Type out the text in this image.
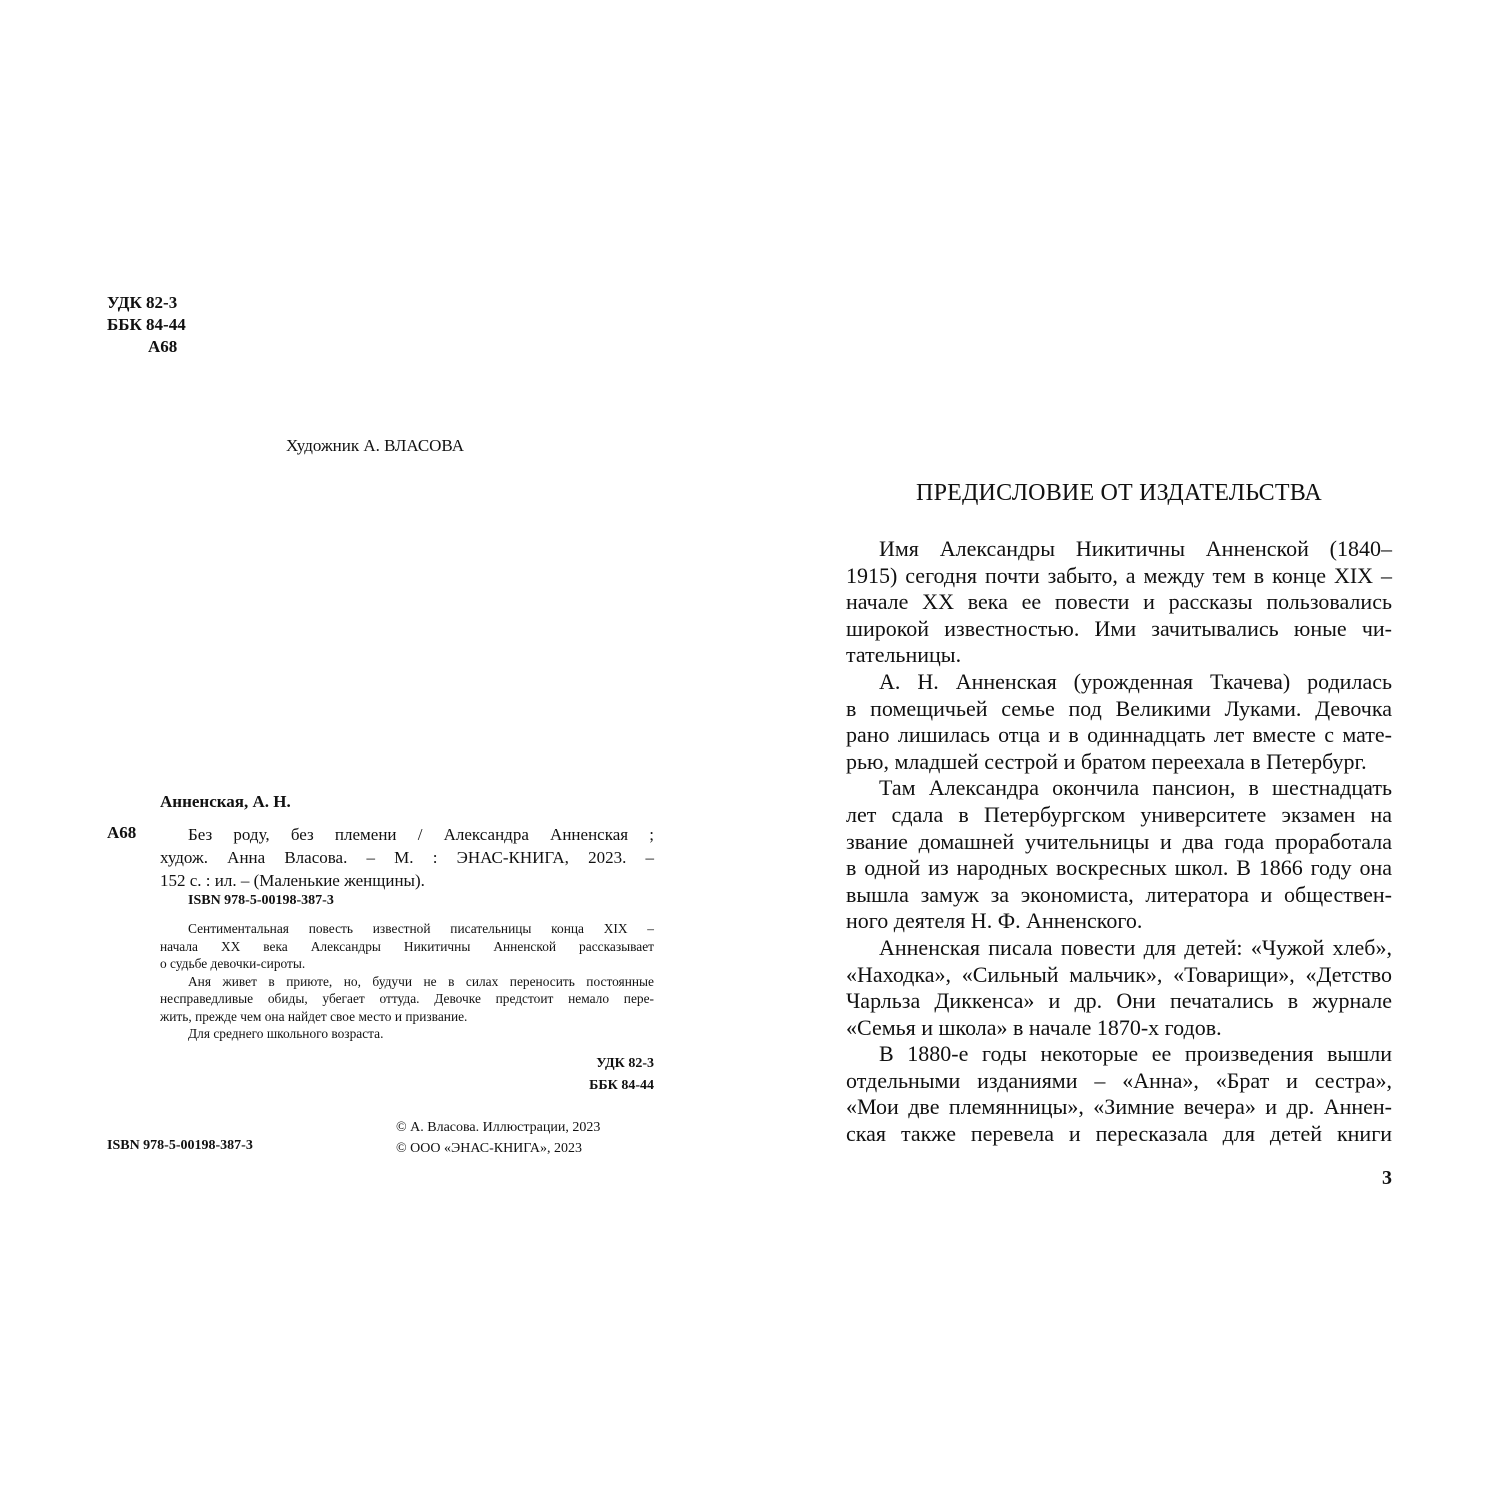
УДК 82-3
ББК 84-44
А68
Художник А. ВЛАСОВА
Анненская, А. Н.
А68	Без роду, без племени / Александра Анненская ;
худож. Анна Власова. – М. : ЭНАС-КНИГА, 2023. –
152 с. : ил. – (Маленькие женщины).
ISBN 978-5-00198-387-3
Сентиментальная повесть известной писательницы конца XIX –
начала XX века Александры Никитичны Анненской рассказывает
о судьбе девочки-сироты.
Аня живет в приюте, но, будучи не в силах переносить постоянные
несправедливые обиды, убегает оттуда. Девочке предстоит немало пере-
жить, прежде чем она найдет свое место и призвание.
Для среднего школьного возраста.
УДК 82-3
ББК 84-44
© А. Власова. Иллюстрации, 2023
© ООО «ЭНАС-КНИГА», 2023
ISBN 978-5-00198-387-3
ПРЕДИСЛОВИЕ ОТ ИЗДАТЕЛЬСТВА
Имя Александры Никитичны Анненской (1840–
1915) сегодня почти забыто, а между тем в конце XIX –
начале XX века ее повести и рассказы пользовались
широкой известностью. Ими зачитывались юные чи-
тательницы.
А. Н. Анненская (урожденная Ткачева) родилась
в помещичьей семье под Великими Луками. Девочка
рано лишилась отца и в одиннадцать лет вместе с мате-
рью, младшей сестрой и братом переехала в Петербург.
Там Александра окончила пансион, в шестнадцать
лет сдала в Петербургском университете экзамен на
звание домашней учительницы и два года проработала
в одной из народных воскресных школ. В 1866 году она
вышла замуж за экономиста, литератора и обществен-
ного деятеля Н. Ф. Анненского.
Анненская писала повести для детей: «Чужой хлеб»,
«Находка», «Сильный мальчик», «Товарищи», «Детство
Чарльза Диккенса» и др. Они печатались в журнале
«Семья и школа» в начале 1870-х годов.
В 1880-е годы некоторые ее произведения вышли
отдельными изданиями – «Анна», «Брат и сестра»,
«Мои две племянницы», «Зимние вечера» и др. Аннен-
ская также перевела и пересказала для детей книги
3
